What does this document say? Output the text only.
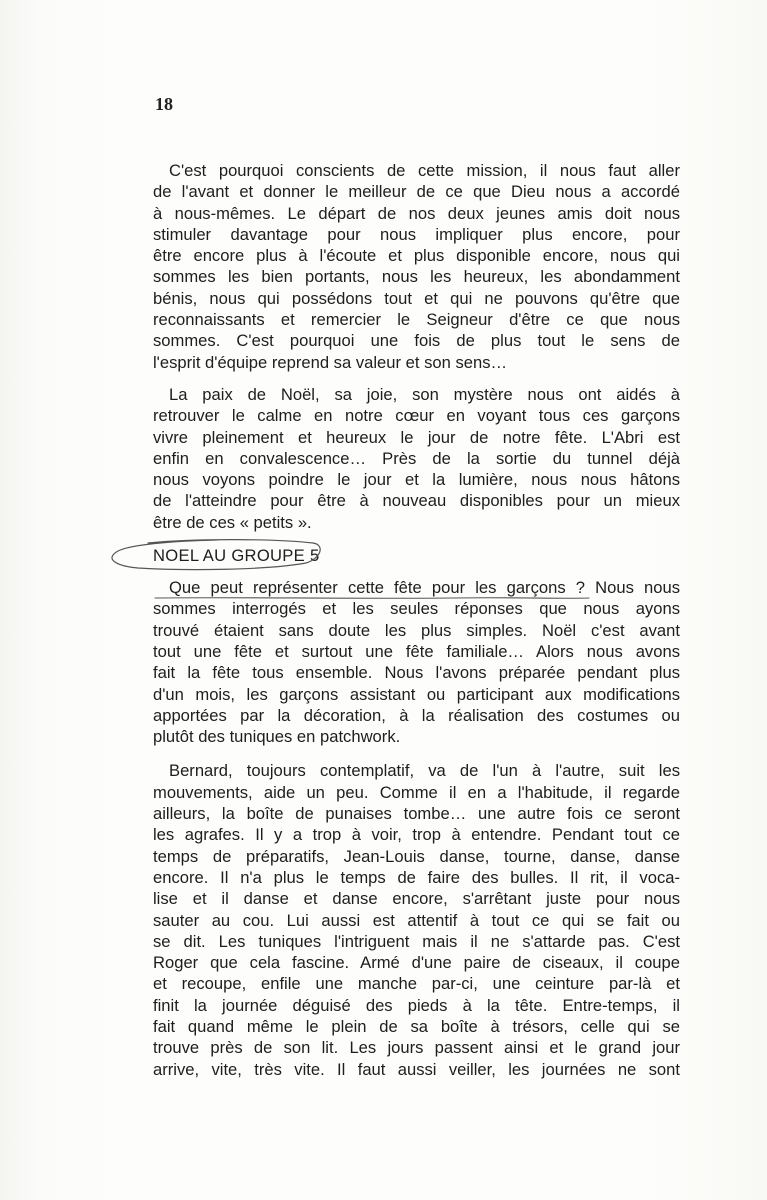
18

C'est pourquoi conscients de cette mission, il nous faut aller
de l'avant et donner le meilleur de ce que Dieu nous a accordé
à nous-mêmes. Le départ de nos deux jeunes amis doit nous
stimuler davantage pour nous impliquer plus encore, pour
être encore plus à l'écoute et plus disponible encore, nous qui
sommes les bien portants, nous les heureux, les abondamment
bénis, nous qui possédons tout et qui ne pouvons qu'être que
reconnaissants et remercier le Seigneur d'être ce que nous
sommes. C'est pourquoi une fois de plus tout le sens de
l'esprit d'équipe reprend sa valeur et son sens…

La paix de Noël, sa joie, son mystère nous ont aidés à
retrouver le calme en notre cœur en voyant tous ces garçons
vivre pleinement et heureux le jour de notre fête. L'Abri est
enfin en convalescence… Près de la sortie du tunnel déjà
nous voyons poindre le jour et la lumière, nous nous hâtons
de l'atteindre pour être à nouveau disponibles pour un mieux
être de ces « petits ».

NOEL AU GROUPE 5

Que peut représenter cette fête pour les garçons ? Nous nous
sommes interrogés et les seules réponses que nous ayons
trouvé étaient sans doute les plus simples. Noël c'est avant
tout une fête et surtout une fête familiale… Alors nous avons
fait la fête tous ensemble. Nous l'avons préparée pendant plus
d'un mois, les garçons assistant ou participant aux modifications
apportées par la décoration, à la réalisation des costumes ou
plutôt des tuniques en patchwork.

Bernard, toujours contemplatif, va de l'un à l'autre, suit les
mouvements, aide un peu. Comme il en a l'habitude, il regarde
ailleurs, la boîte de punaises tombe… une autre fois ce seront
les agrafes. Il y a trop à voir, trop à entendre. Pendant tout ce
temps de préparatifs, Jean-Louis danse, tourne, danse, danse
encore. Il n'a plus le temps de faire des bulles. Il rit, il voca-
lise et il danse et danse encore, s'arrêtant juste pour nous
sauter au cou. Lui aussi est attentif à tout ce qui se fait ou
se dit. Les tuniques l'intriguent mais il ne s'attarde pas. C'est
Roger que cela fascine. Armé d'une paire de ciseaux, il coupe
et recoupe, enfile une manche par-ci, une ceinture par-là et
finit la journée déguisé des pieds à la tête. Entre-temps, il
fait quand même le plein de sa boîte à trésors, celle qui se
trouve près de son lit. Les jours passent ainsi et le grand jour
arrive, vite, très vite. Il faut aussi veiller, les journées ne sont
